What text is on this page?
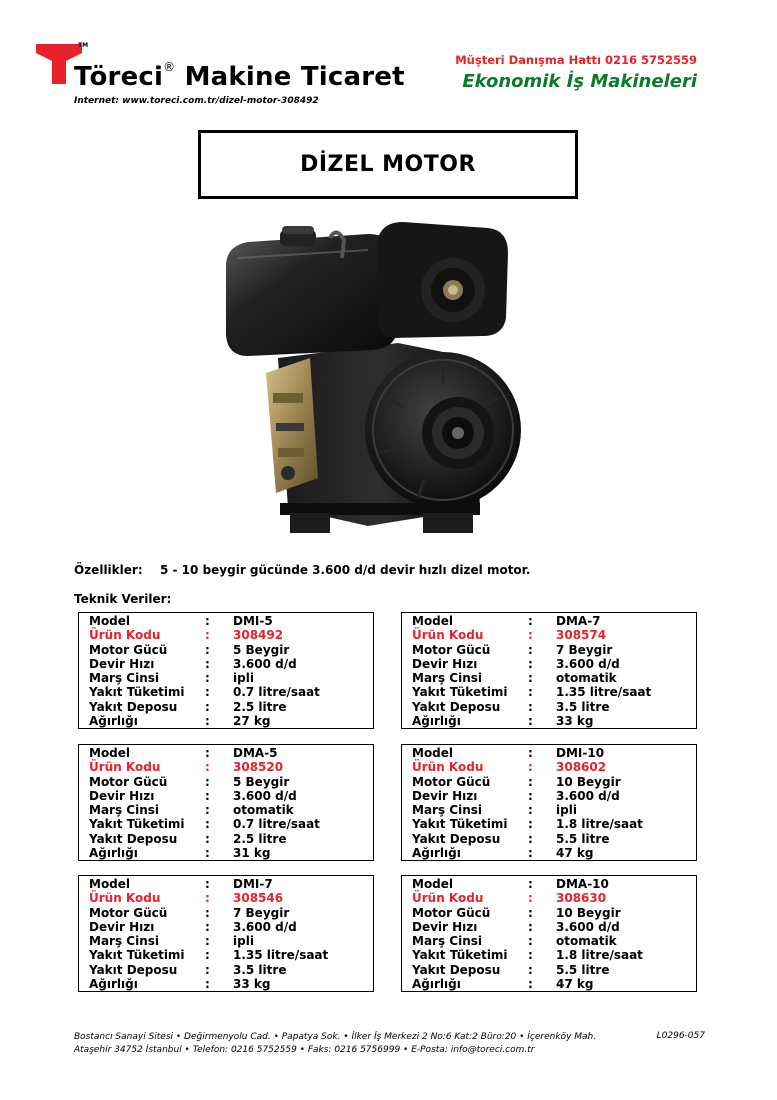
TM
Töreci® Makine Ticaret
Internet: www.toreci.com.tr/dizel-motor-308492
Müşteri Danışma Hattı 0216 5752559
Ekonomik İş Makineleri
DİZEL MOTOR
Özellikler: 5 - 10 beygir gücünde 3.600 d/d devir hızlı dizel motor.
Teknik Veriler:
Model	:	DMI-5
Ürün Kodu	:	308492
Motor Gücü	:	5 Beygir
Devir Hızı	:	3.600 d/d
Marş Cinsi	:	ipli
Yakıt Tüketimi	:	0.7 litre/saat
Yakıt Deposu	:	2.5 litre
Ağırlığı	:	27 kg
Model	:	DMA-7
Ürün Kodu	:	308574
Motor Gücü	:	7 Beygir
Devir Hızı	:	3.600 d/d
Marş Cinsi	:	otomatik
Yakıt Tüketimi	:	1.35 litre/saat
Yakıt Deposu	:	3.5 litre
Ağırlığı	:	33 kg
Model	:	DMA-5
Ürün Kodu	:	308520
Motor Gücü	:	5 Beygir
Devir Hızı	:	3.600 d/d
Marş Cinsi	:	otomatik
Yakıt Tüketimi	:	0.7 litre/saat
Yakıt Deposu	:	2.5 litre
Ağırlığı	:	31 kg
Model	:	DMI-10
Ürün Kodu	:	308602
Motor Gücü	:	10 Beygir
Devir Hızı	:	3.600 d/d
Marş Cinsi	:	ipli
Yakıt Tüketimi	:	1.8 litre/saat
Yakıt Deposu	:	5.5 litre
Ağırlığı	:	47 kg
Model	:	DMI-7
Ürün Kodu	:	308546
Motor Gücü	:	7 Beygir
Devir Hızı	:	3.600 d/d
Marş Cinsi	:	ipli
Yakıt Tüketimi	:	1.35 litre/saat
Yakıt Deposu	:	3.5 litre
Ağırlığı	:	33 kg
Model	:	DMA-10
Ürün Kodu	:	308630
Motor Gücü	:	10 Beygir
Devir Hızı	:	3.600 d/d
Marş Cinsi	:	otomatik
Yakıt Tüketimi	:	1.8 litre/saat
Yakıt Deposu	:	5.5 litre
Ağırlığı	:	47 kg
Bostancı Sanayi Sitesi • Değirmenyolu Cad. • Papatya Sok. • İlker İş Merkezi 2 No:6 Kat:2 Büro:20 • İçerenköy Mah.
Ataşehir 34752 İstanbul • Telefon: 0216 5752559 • Faks: 0216 5756999 • E-Posta: info@toreci.com.tr
L0296-057
